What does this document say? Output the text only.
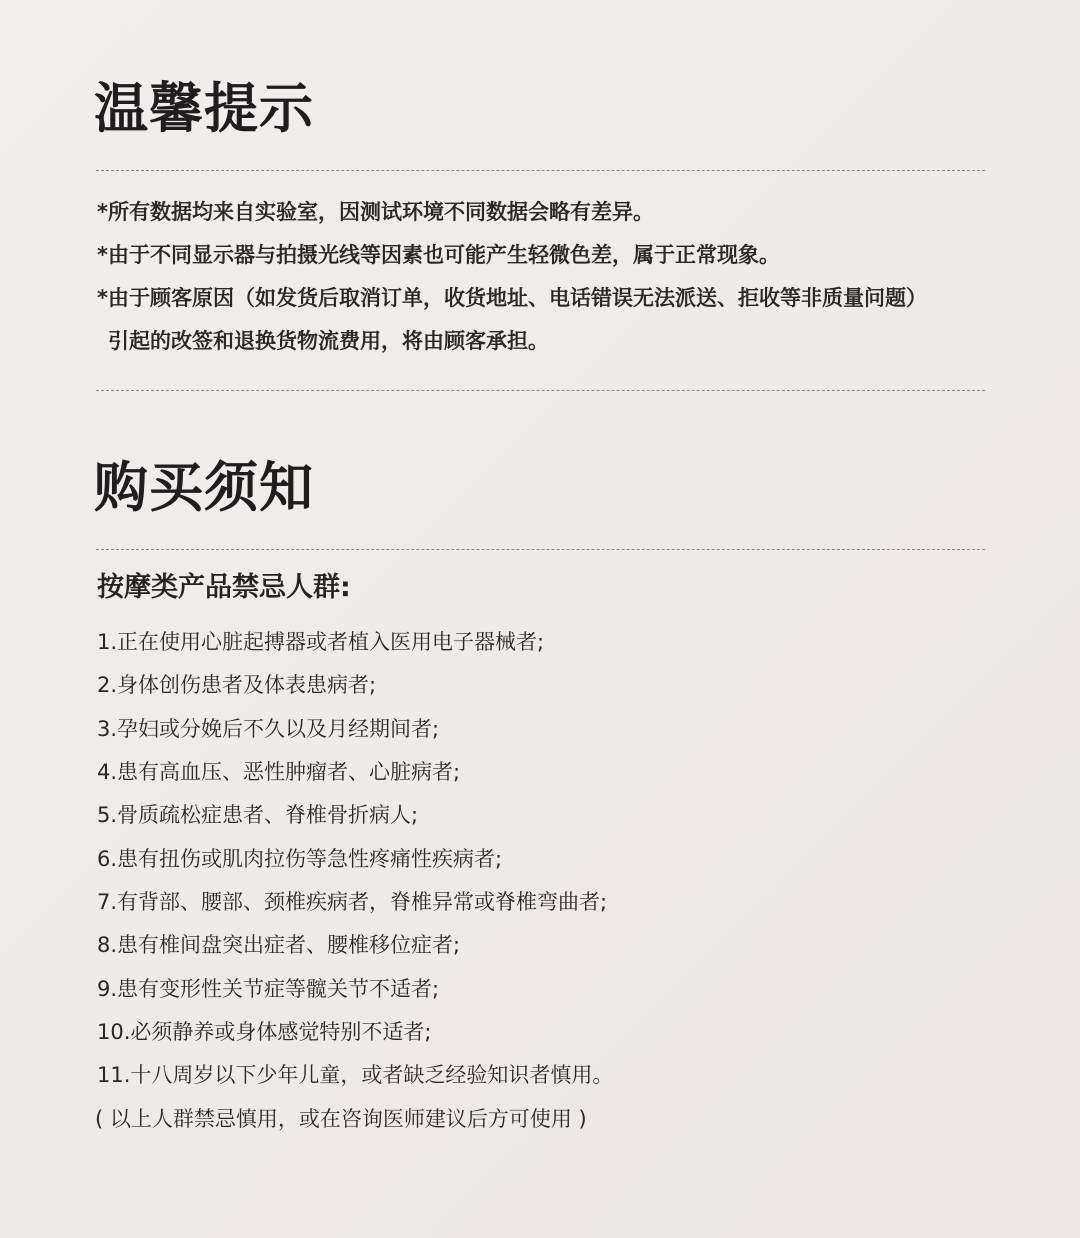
温馨提示
*所有数据均来自实验室，因测试环境不同数据会略有差异。
*由于不同显示器与拍摄光线等因素也可能产生轻微色差，属于正常现象。
*由于顾客原因（如发货后取消订单，收货地址、电话错误无法派送、拒收等非质量问题）
引起的改签和退换货物流费用，将由顾客承担。
购买须知
按摩类产品禁忌人群:
1.正在使用心脏起搏器或者植入医用电子器械者;
2.身体创伤患者及体表患病者;
3.孕妇或分娩后不久以及月经期间者;
4.患有高血压、恶性肿瘤者、心脏病者;
5.骨质疏松症患者、脊椎骨折病人;
6.患有扭伤或肌肉拉伤等急性疼痛性疾病者;
7.有背部、腰部、颈椎疾病者，脊椎异常或脊椎弯曲者;
8.患有椎间盘突出症者、腰椎移位症者;
9.患有变形性关节症等髋关节不适者;
10.必须静养或身体感觉特别不适者;
11.十八周岁以下少年儿童，或者缺乏经验知识者慎用。
( 以上人群禁忌慎用，或在咨询医师建议后方可使用 )
